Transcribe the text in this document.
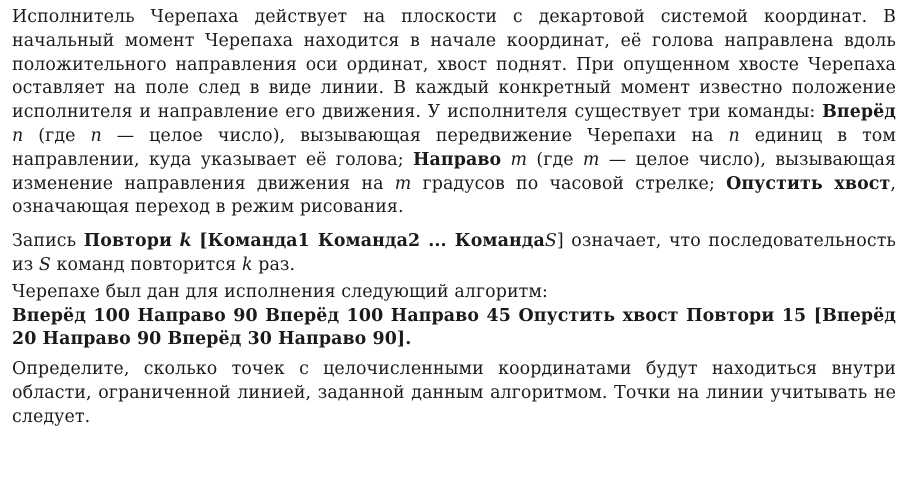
Исполнитель Черепаха действует на плоскости с декартовой системой координат. В начальный момент Черепаха находится в начале координат, её голова направлена вдоль положительного направления оси ординат, хвост поднят. При опущенном хвосте Черепаха оставляет на поле след в виде линии. В каждый конкретный момент известно положение исполнителя и направление его движения. У исполнителя существует три команды: Вперёд n (где n — целое число), вызывающая передвижение Черепахи на n единиц в том направлении, куда указывает её голова; Направо m (где m — целое число), вызывающая изменение направления движения на m градусов по часовой стрелке; Опустить хвост, означающая переход в режим рисования.

Запись Повтори k [Команда1 Команда2 ... КомандаS] означает, что последовательность из S команд повторится k раз.

Черепахе был дан для исполнения следующий алгоритм:

Вперёд 100 Направо 90 Вперёд 100 Направо 45 Опустить хвост Повтори 15 [Вперёд 20 Направо 90 Вперёд 30 Направо 90].

Определите, сколько точек с целочисленными координатами будут находиться внутри области, ограниченной линией, заданной данным алгоритмом. Точки на линии учитывать не следует.
